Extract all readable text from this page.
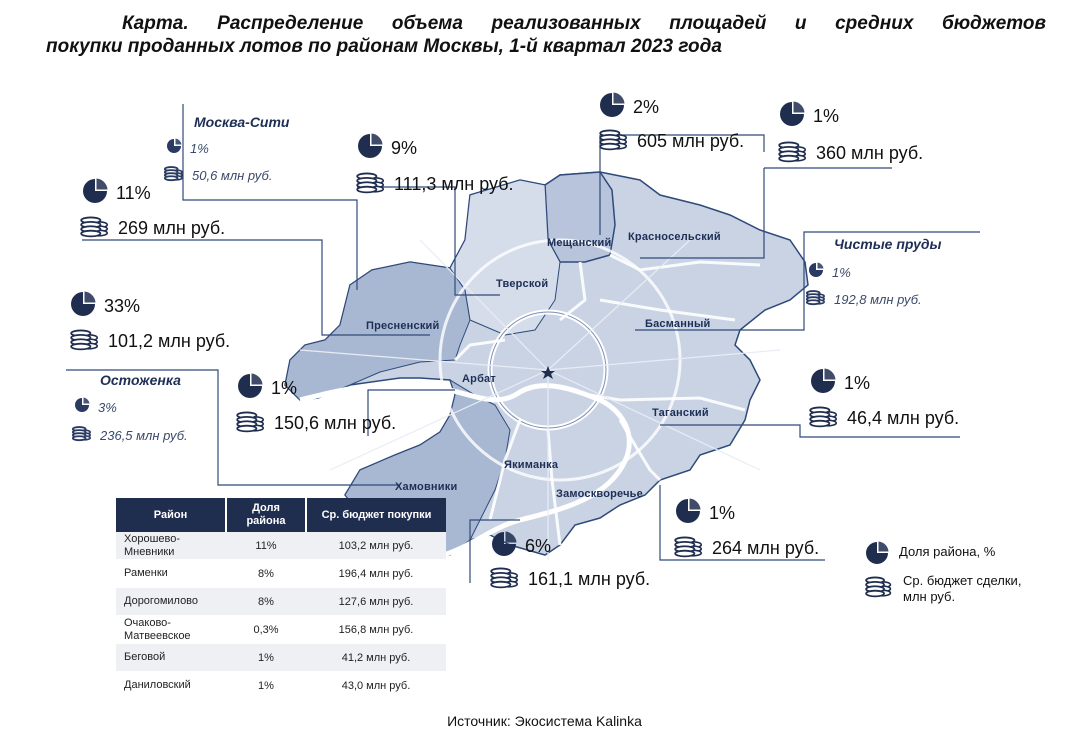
Карта. Распределение объема реализованных площадей и средних бюджетов
покупки проданных лотов по районам Москвы, 1-й квартал 2023 года
Мещанский Красносельский
Тверской
Пресненский	Басманный
Арбат
Таганский
Якиманка
Замоскворечье
Хамовники
11%
269 млн руб.
33%
101,2 млн руб.
9%
111,3 млн руб.
2%
605 млн руб.
1%
360 млн руб.
1%
150,6 млн руб.
1%
46,4 млн руб.
1%
264 млн руб.
6%
161,1 млн руб.
Москва-Сити
1%
50,6 млн руб.
Чистые пруды
1%
192,8 млн руб.
Остоженка
3%
236,5 млн руб.
Доля района, %
Ср. бюджет сделки,
млн руб.
Район	Доля района	Ср. бюджет покупки
Хорошево-Мневники	11%	103,2 млн руб.
Раменки	8%	196,4 млн руб.
Дорогомилово	8%	127,6 млн руб.
Очаково-Матвеевское	0,3%	156,8 млн руб.
Беговой	1%	41,2 млн руб.
Даниловский	1%	43,0 млн руб.
Источник: Экосистема Kalinka
